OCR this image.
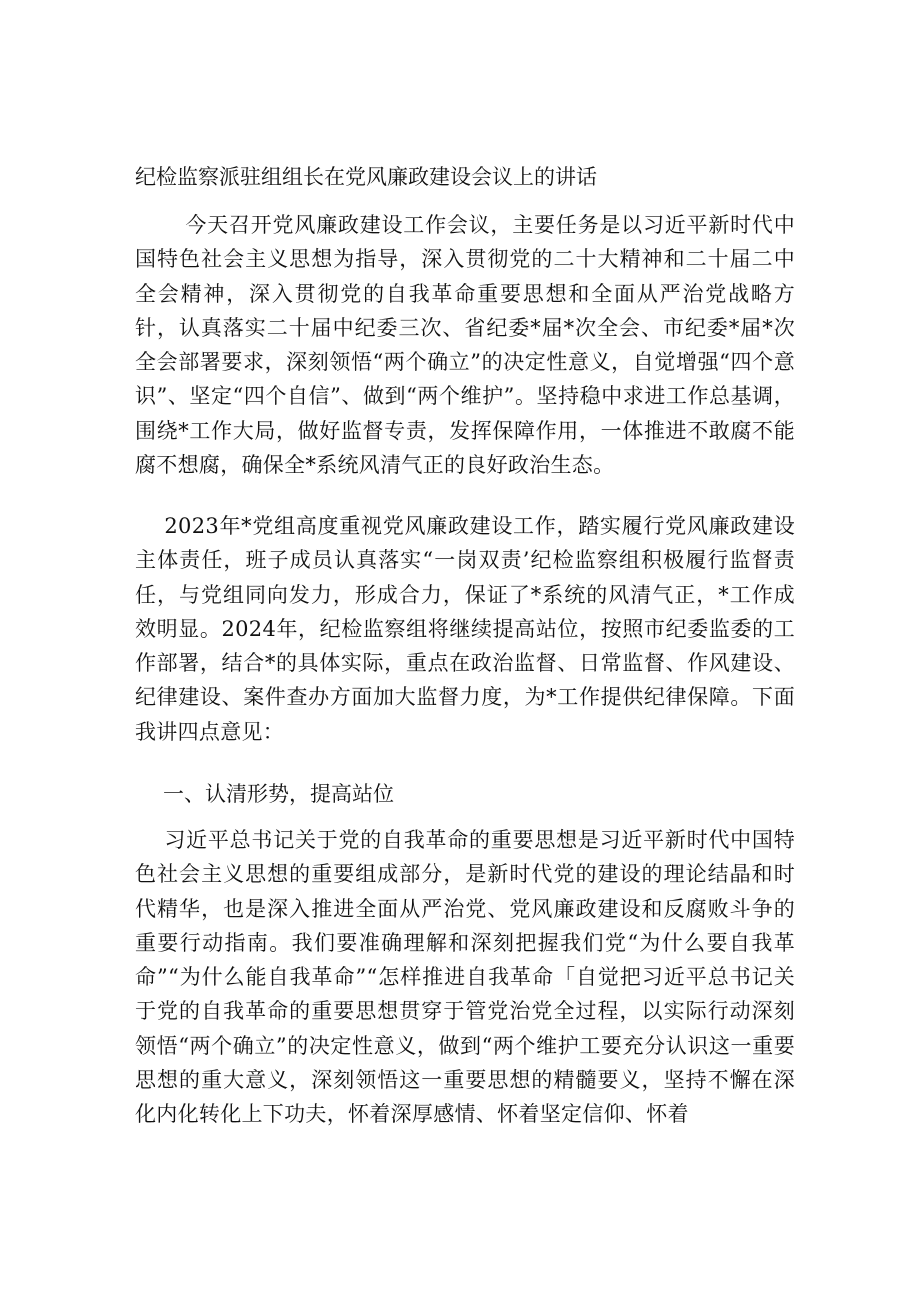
纪检监察派驻组组长在党风廉政建设会议上的讲话

今天召开党风廉政建设工作会议，主要任务是以习近平新时代中国特色社会主义思想为指导，深入贯彻党的二十大精神和二十届二中全会精神，深入贯彻党的自我革命重要思想和全面从严治党战略方针，认真落实二十届中纪委三次、省纪委*届*次全会、市纪委*届*次全会部署要求，深刻领悟“两个确立”的决定性意义，自觉增强“四个意识”、坚定“四个自信”、做到“两个维护”。坚持稳中求进工作总基调，围绕*工作大局，做好监督专责，发挥保障作用，一体推进不敢腐不能腐不想腐，确保全*系统风清气正的良好政治生态。

2023年*党组高度重视党风廉政建设工作，踏实履行党风廉政建设主体责任，班子成员认真落实“一岗双责’纪检监察组积极履行监督责任，与党组同向发力，形成合力，保证了*系统的风清气正，*工作成效明显。2024年，纪检监察组将继续提高站位，按照市纪委监委的工作部署，结合*的具体实际，重点在政治监督、日常监督、作风建设、纪律建设、案件查办方面加大监督力度，为*工作提供纪律保障。下面我讲四点意见：

一、认清形势，提高站位

习近平总书记关于党的自我革命的重要思想是习近平新时代中国特色社会主义思想的重要组成部分，是新时代党的建设的理论结晶和时代精华，也是深入推进全面从严治党、党风廉政建设和反腐败斗争的重要行动指南。我们要准确理解和深刻把握我们党“为什么要自我革命”“为什么能自我革命”“怎样推进自我革命「自觉把习近平总书记关于党的自我革命的重要思想贯穿于管党治党全过程，以实际行动深刻领悟“两个确立”的决定性意义，做到“两个维护工要充分认识这一重要思想的重大意义，深刻领悟这一重要思想的精髓要义，坚持不懈在深化内化转化上下功夫，怀着深厚感情、怀着坚定信仰、怀着
